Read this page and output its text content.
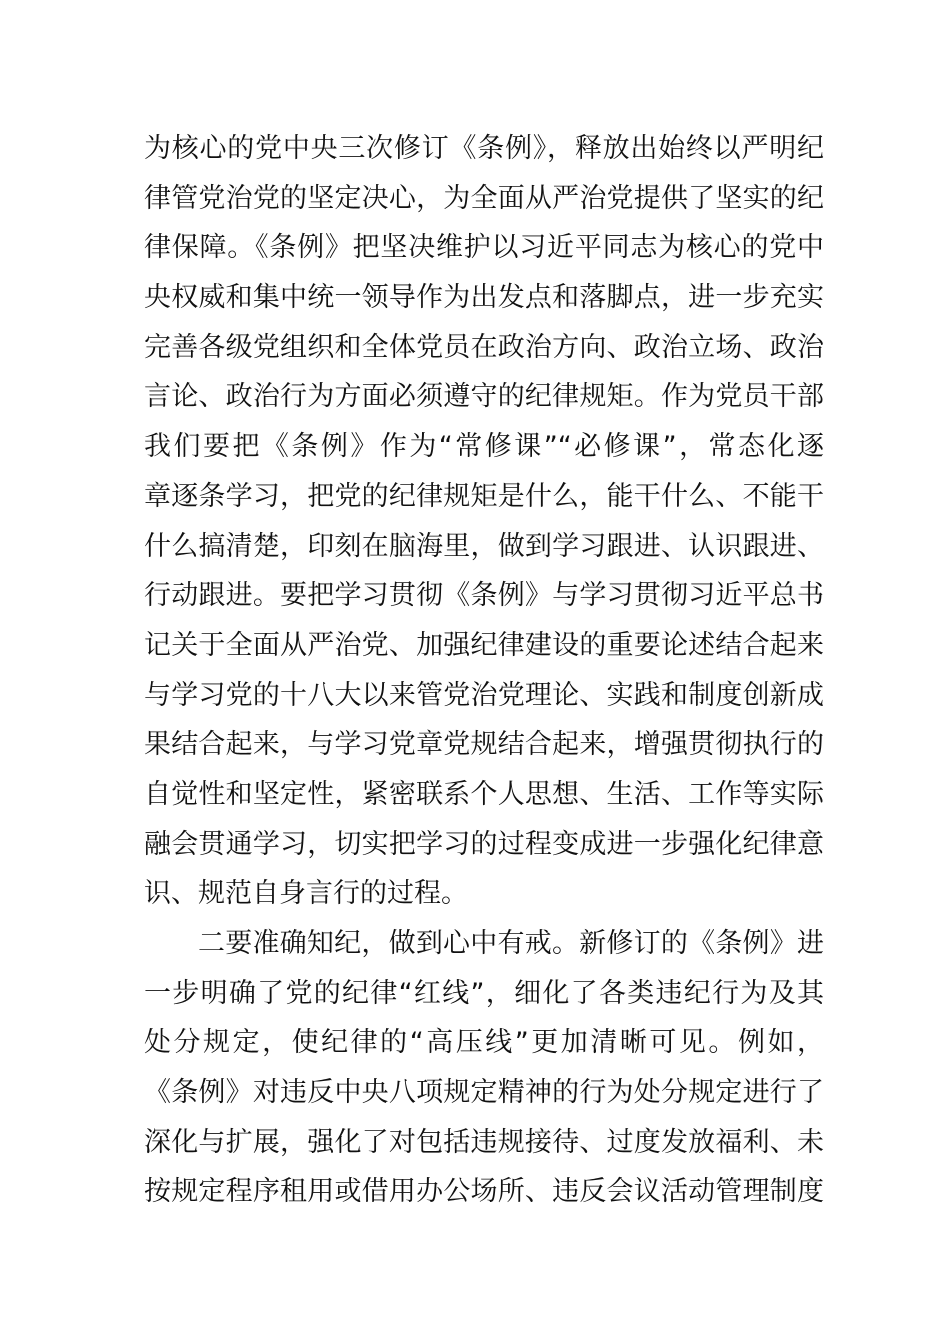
为核心的党中央三次修订《条例》，释放出始终以严明纪
律管党治党的坚定决心，为全面从严治党提供了坚实的纪
律保障。《条例》把坚决维护以习近平同志为核心的党中
央权威和集中统一领导作为出发点和落脚点，进一步充实
完善各级党组织和全体党员在政治方向、政治立场、政治
言论、政治行为方面必须遵守的纪律规矩。作为党员干部
我们要把《条例》作为“常修课”“必修课”，常态化逐
章逐条学习，把党的纪律规矩是什么，能干什么、不能干
什么搞清楚，印刻在脑海里，做到学习跟进、认识跟进、
行动跟进。要把学习贯彻《条例》与学习贯彻习近平总书
记关于全面从严治党、加强纪律建设的重要论述结合起来
与学习党的十八大以来管党治党理论、实践和制度创新成
果结合起来，与学习党章党规结合起来，增强贯彻执行的
自觉性和坚定性，紧密联系个人思想、生活、工作等实际
融会贯通学习，切实把学习的过程变成进一步强化纪律意
识、规范自身言行的过程。
二要准确知纪，做到心中有戒。新修订的《条例》进
一步明确了党的纪律“红线”，细化了各类违纪行为及其
处分规定，使纪律的“高压线”更加清晰可见。例如，
《条例》对违反中央八项规定精神的行为处分规定进行了
深化与扩展，强化了对包括违规接待、过度发放福利、未
按规定程序租用或借用办公场所、违反会议活动管理制度
